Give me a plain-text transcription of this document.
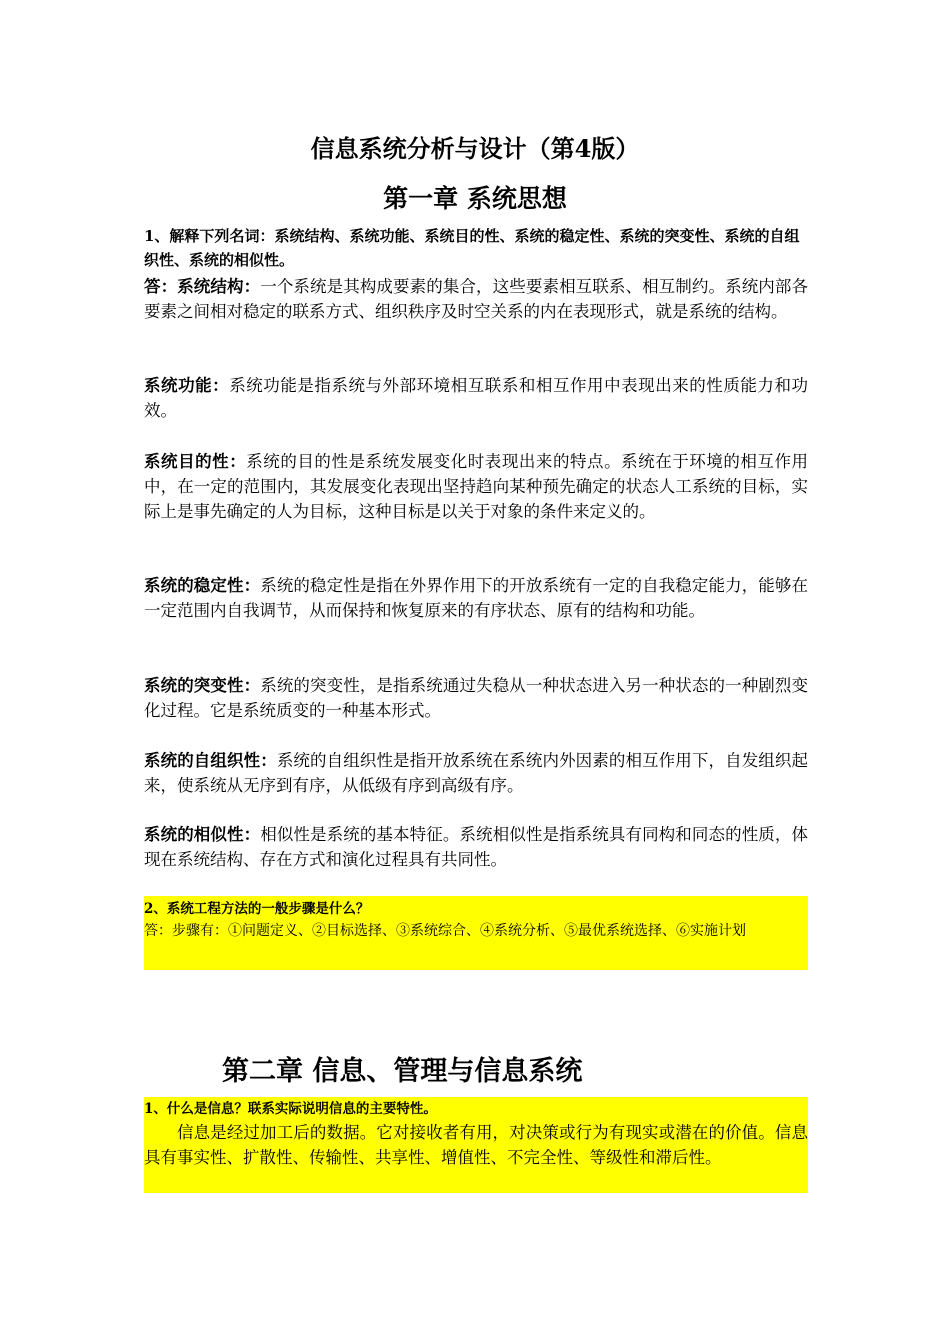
信息系统分析与设计（第4版）
第一章 系统思想
1、解释下列名词：系统结构、系统功能、系统目的性、系统的稳定性、系统的突变性、系统的自组织性、系统的相似性。
答：系统结构：一个系统是其构成要素的集合，这些要素相互联系、相互制约。系统内部各要素之间相对稳定的联系方式、组织秩序及时空关系的内在表现形式，就是系统的结构。
系统功能：系统功能是指系统与外部环境相互联系和相互作用中表现出来的性质能力和功效。
系统目的性：系统的目的性是系统发展变化时表现出来的特点。系统在于环境的相互作用中，在一定的范围内，其发展变化表现出坚持趋向某种预先确定的状态人工系统的目标，实际上是事先确定的人为目标，这种目标是以关于对象的条件来定义的。
系统的稳定性：系统的稳定性是指在外界作用下的开放系统有一定的自我稳定能力，能够在一定范围内自我调节，从而保持和恢复原来的有序状态、原有的结构和功能。
系统的突变性：系统的突变性，是指系统通过失稳从一种状态进入另一种状态的一种剧烈变化过程。它是系统质变的一种基本形式。
系统的自组织性：系统的自组织性是指开放系统在系统内外因素的相互作用下，自发组织起来，使系统从无序到有序，从低级有序到高级有序。
系统的相似性：相似性是系统的基本特征。系统相似性是指系统具有同构和同态的性质，体现在系统结构、存在方式和演化过程具有共同性。
2、系统工程方法的一般步骤是什么？
答：步骤有：①问题定义、②目标选择、③系统综合、④系统分析、⑤最优系统选择、⑥实施计划
第二章 信息、管理与信息系统
1、什么是信息？联系实际说明信息的主要特性。
信息是经过加工后的数据。它对接收者有用，对决策或行为有现实或潜在的价值。信息具有事实性、扩散性、传输性、共享性、增值性、不完全性、等级性和滞后性。
